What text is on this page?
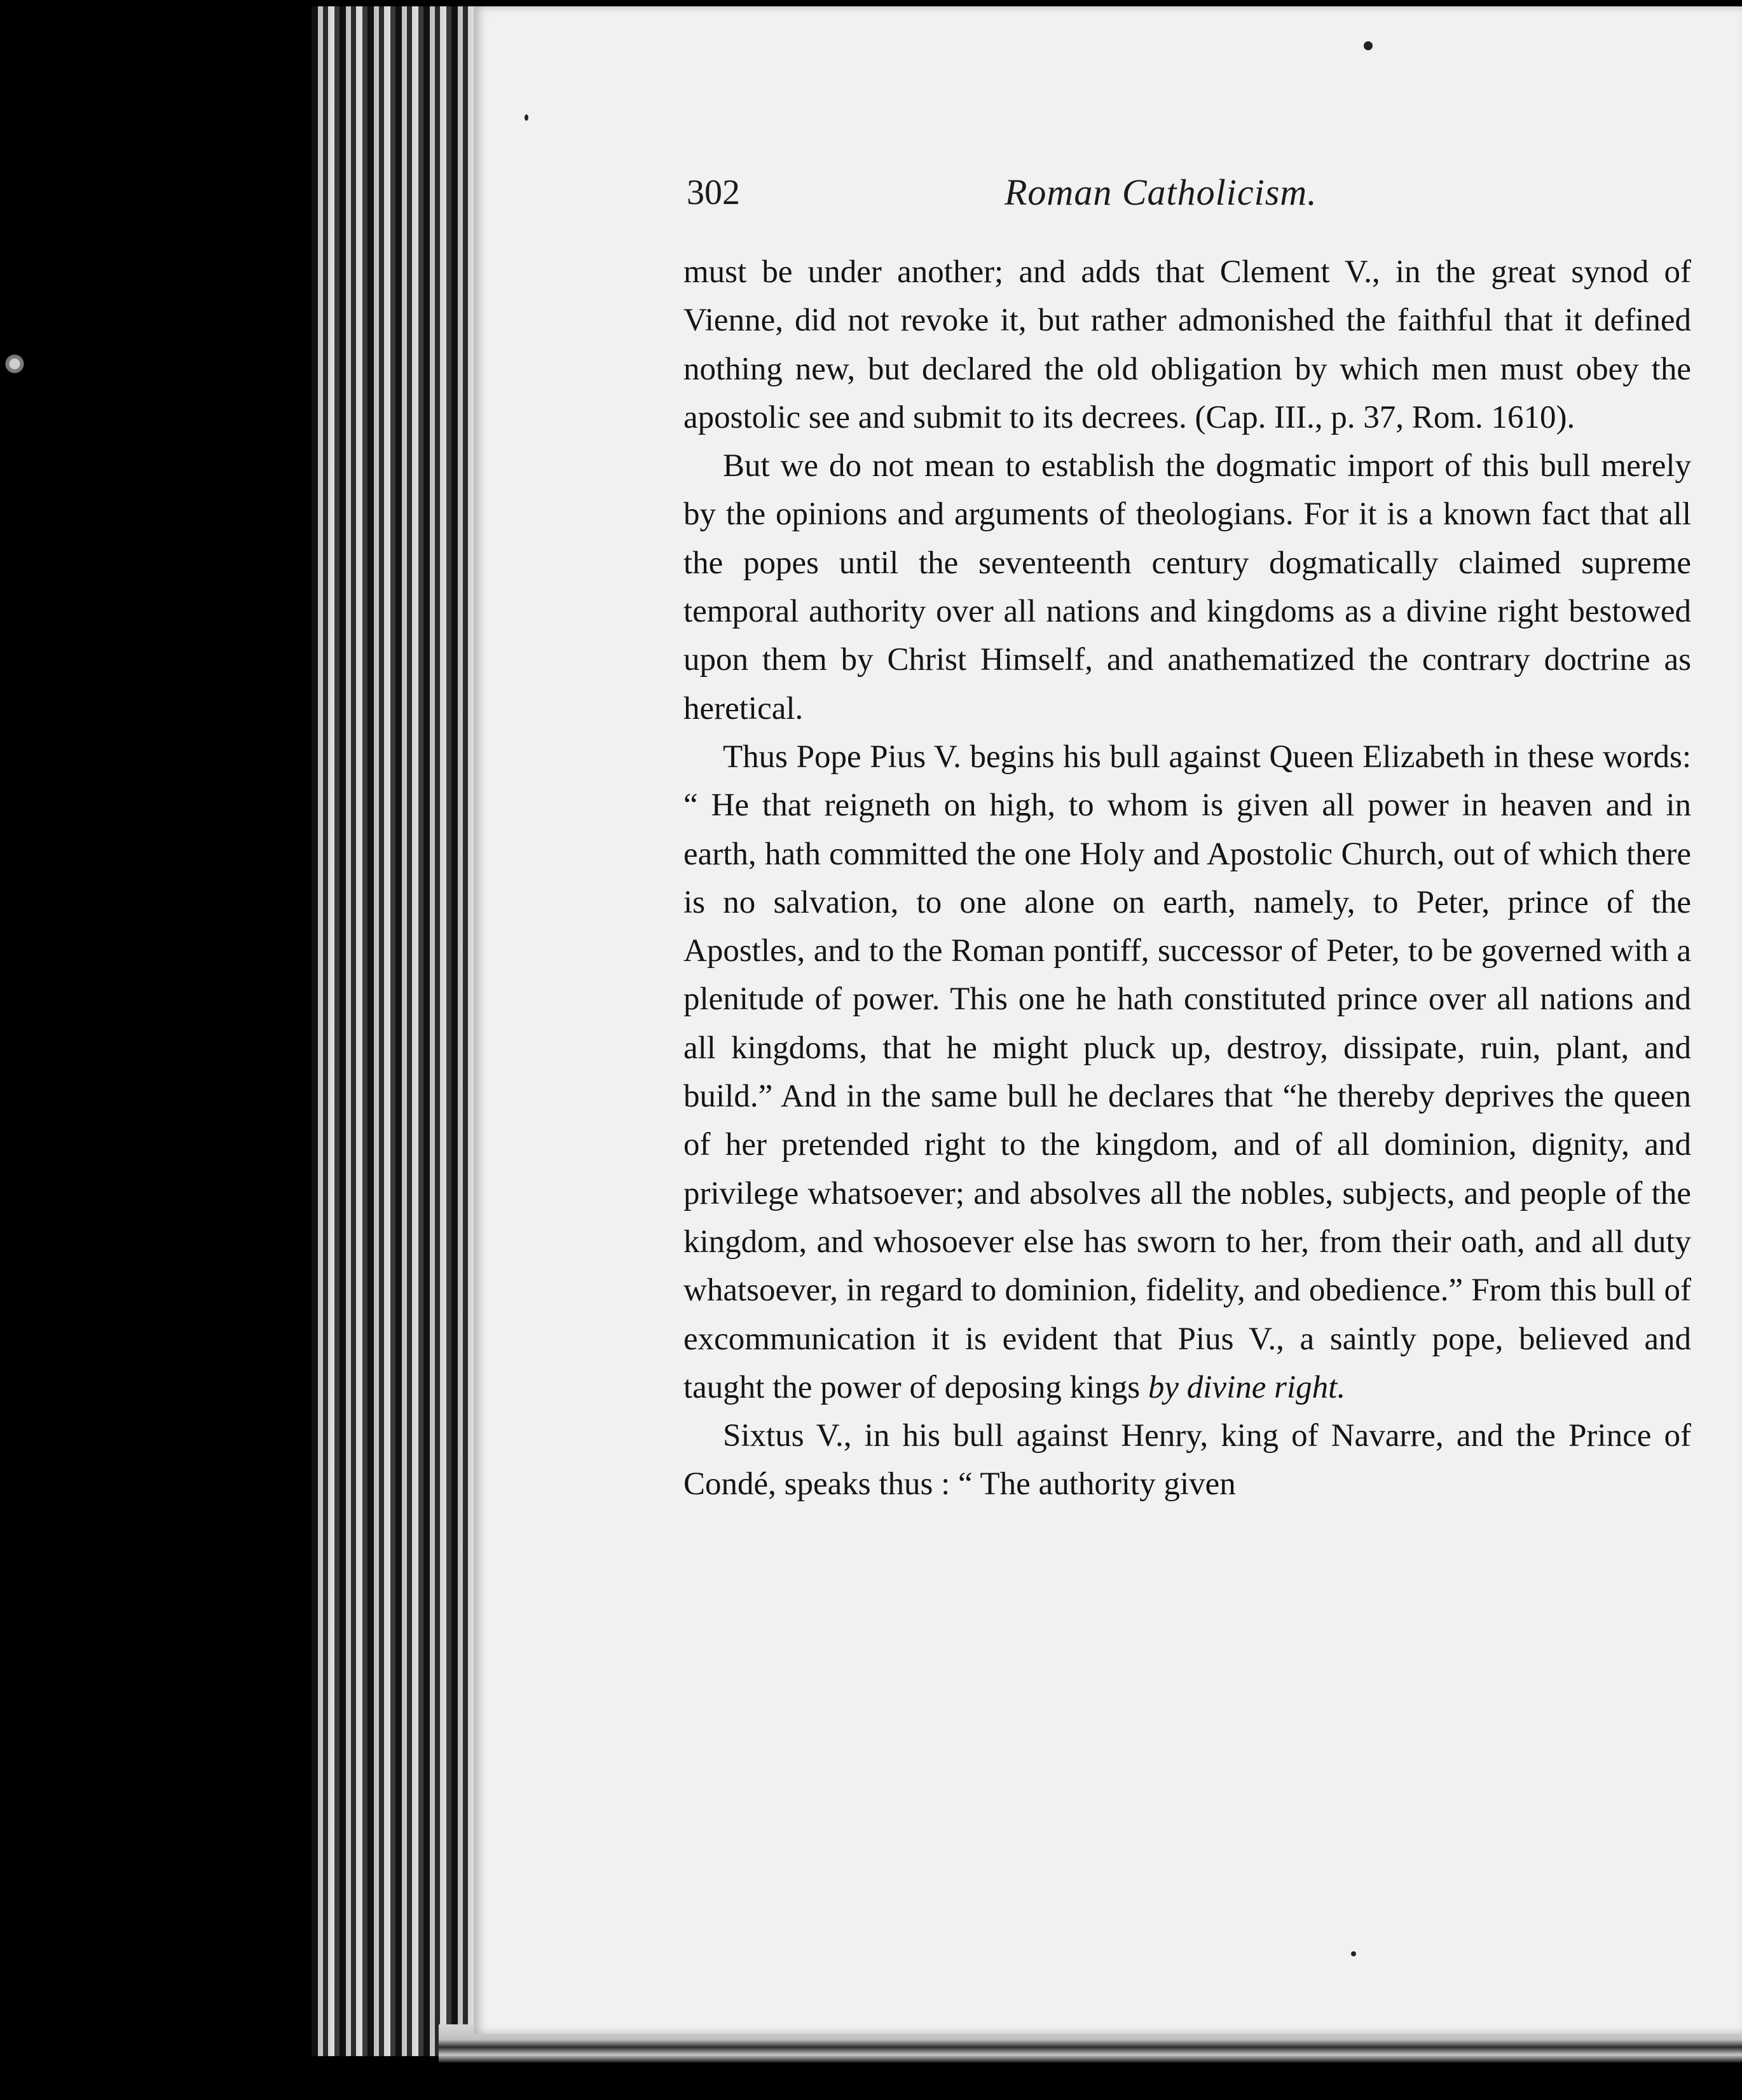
302	Roman Catholicism.

must be under another; and adds that Clement V., in the great synod of Vienne, did not revoke it, but rather admonished the faithful that it defined nothing new, but declared the old obligation by which men must obey the apostolic see and submit to its decrees. (Cap. III., p. 37, Rom. 1610).

But we do not mean to establish the dogmatic import of this bull merely by the opinions and arguments of theologians. For it is a known fact that all the popes until the seventeenth century dogmatically claimed supreme temporal authority over all nations and kingdoms as a divine right bestowed upon them by Christ Himself, and anathematized the contrary doctrine as heretical.

Thus Pope Pius V. begins his bull against Queen Elizabeth in these words: “ He that reigneth on high, to whom is given all power in heaven and in earth, hath committed the one Holy and Apostolic Church, out of which there is no salvation, to one alone on earth, namely, to Peter, prince of the Apostles, and to the Roman pontiff, successor of Peter, to be governed with a plenitude of power. This one he hath constituted prince over all nations and all kingdoms, that he might pluck up, destroy, dissipate, ruin, plant, and build.” And in the same bull he declares that “he thereby deprives the queen of her pretended right to the kingdom, and of all dominion, dignity, and privilege whatsoever; and absolves all the nobles, subjects, and people of the kingdom, and whosoever else has sworn to her, from their oath, and all duty whatsoever, in regard to dominion, fidelity, and obedience.” From this bull of excommunication it is evident that Pius V., a saintly pope, believed and taught the power of deposing kings by divine right.

Sixtus V., in his bull against Henry, king of Navarre, and the Prince of Condé, speaks thus : “ The authority given
